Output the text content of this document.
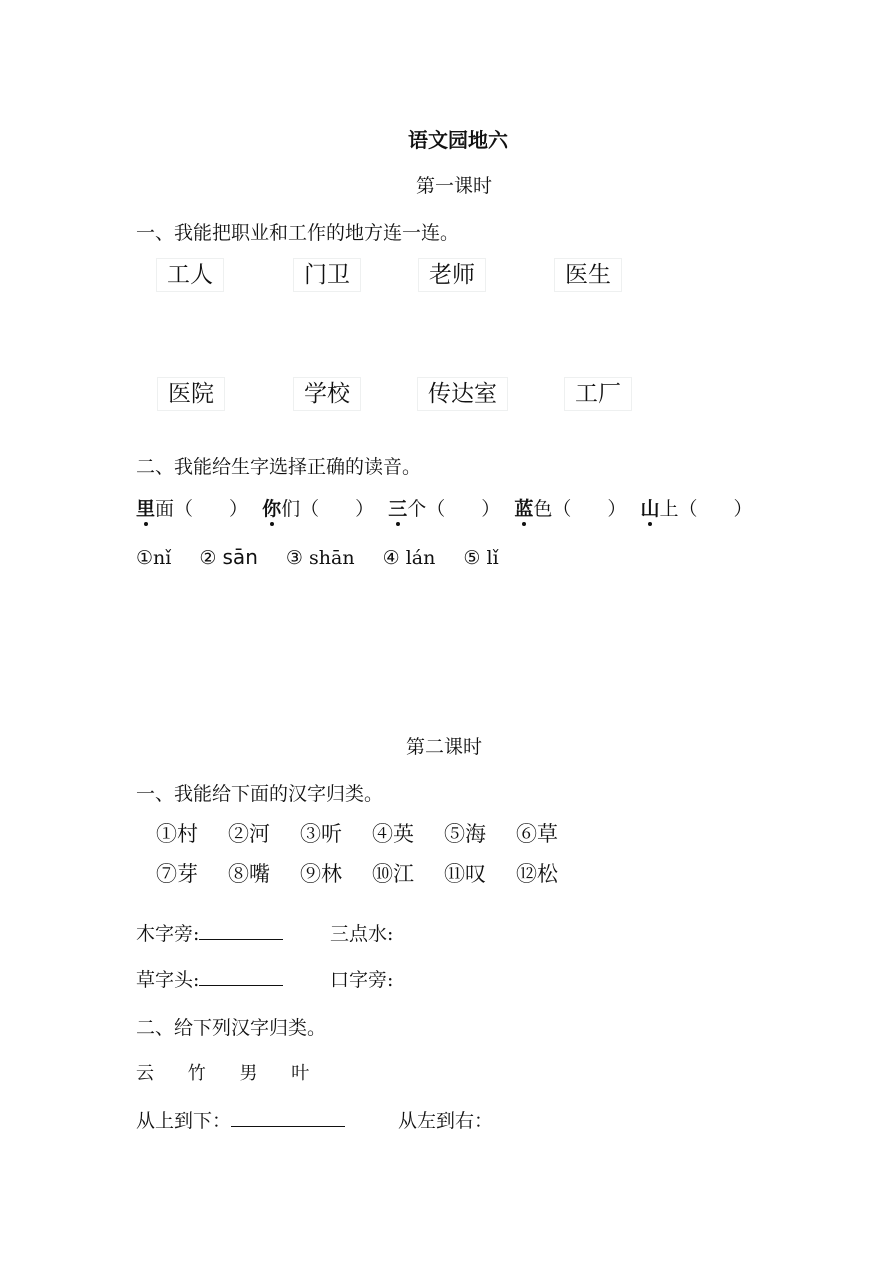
语文园地六
第一课时
一、我能把职业和工作的地方连一连。
工人	门卫	老师	医生
医院	学校	传达室	工厂
二、我能给生字选择正确的读音。
里面（ ） 你们（ ） 三个（ ） 蓝色（ ） 山上（ ）
①nǐ ② sān ③ shān ④ lán ⑤ lǐ
第二课时
一、我能给下面的汉字归类。
①村 ②河 ③听 ④英 ⑤海 ⑥草
⑦芽 ⑧嘴 ⑨林 ⑩江 ⑪叹 ⑫松
木字旁:	三点水:
草字头:	口字旁:
二、给下列汉字归类。
云 竹 男 叶
从上到下：	从左到右：
